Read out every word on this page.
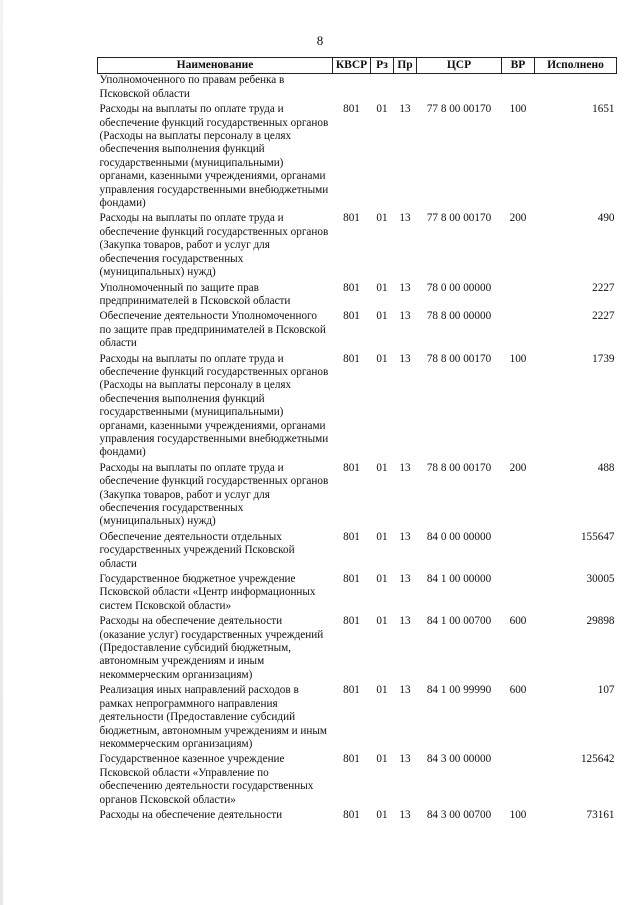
8
Наименование	КВСР	Рз	Пр	ЦСР	ВР	Исполнено
Уполномоченного по правам ребенка в Псковской области						
Расходы на выплаты по оплате труда и обеспечение функций государственных органов (Расходы на выплаты персоналу в целях обеспечения выполнения функций государственными (муниципальными) органами, казенными учреждениями, органами управления государственными внебюджетными фондами)	801	01	13	77 8 00 00170	100	1651
Расходы на выплаты по оплате труда и обеспечение функций государственных органов (Закупка товаров, работ и услуг для обеспечения государственных (муниципальных) нужд)	801	01	13	77 8 00 00170	200	490
Уполномоченный по защите прав предпринимателей в Псковской области	801	01	13	78 0 00 00000		2227
Обеспечение деятельности Уполномоченного по защите прав предпринимателей в Псковской области	801	01	13	78 8 00 00000		2227
Расходы на выплаты по оплате труда и обеспечение функций государственных органов (Расходы на выплаты персоналу в целях обеспечения выполнения функций государственными (муниципальными) органами, казенными учреждениями, органами управления государственными внебюджетными фондами)	801	01	13	78 8 00 00170	100	1739
Расходы на выплаты по оплате труда и обеспечение функций государственных органов (Закупка товаров, работ и услуг для обеспечения государственных (муниципальных) нужд)	801	01	13	78 8 00 00170	200	488
Обеспечение деятельности отдельных государственных учреждений Псковской области	801	01	13	84 0 00 00000		155647
Государственное бюджетное учреждение Псковской области «Центр информационных систем Псковской области»	801	01	13	84 1 00 00000		30005
Расходы на обеспечение деятельности (оказание услуг) государственных учреждений (Предоставление субсидий бюджетным, автономным учреждениям и иным некоммерческим организациям)	801	01	13	84 1 00 00700	600	29898
Реализация иных направлений расходов в рамках непрограммного направления деятельности (Предоставление субсидий бюджетным, автономным учреждениям и иным некоммерческим организациям)	801	01	13	84 1 00 99990	600	107
Государственное казенное учреждение Псковской области «Управление по обеспечению деятельности государственных органов Псковской области»	801	01	13	84 3 00 00000		125642
Расходы на обеспечение деятельности	801	01	13	84 3 00 00700	100	73161
